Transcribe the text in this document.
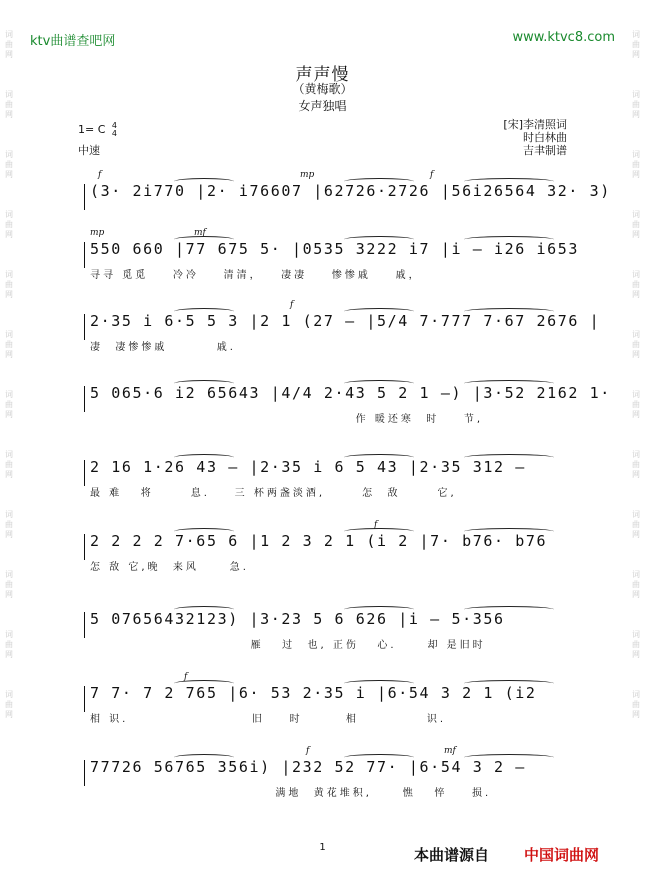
词
曲
网
词
曲
网
词
曲
网
词
曲
网
词
曲
网
词
曲
网
词
曲
网
词
曲
网
词
曲
网
词
曲
网
词
曲
网
词
曲
网
词
曲
网
词
曲
网
词
曲
网
词
曲
网
词
曲
网
词
曲
网
词
曲
网
词
曲
网
词
曲
网
词
曲
网
词
曲
网
词
曲
网
ktv曲谱查吧网	www.ktvc8.com
声声慢
（黄梅歌）
女声独唱
1= C 4
4
中速
[宋]李清照词
时白林曲
吉聿制谱
(3· 2i770 |2· i76607 |62726·2726 |56i26564 32· 3)
f	mp	f
550 660 |77 675 5· |0535 3222 i7 |i — i26 i653
寻寻 觅觅    冷冷    清清，   凄凄    惨惨戚    戚，
mp	mf
2·35 i 6·5 5 3 |2 1 (27 — |5/4 7·777 7·67 2676 |
凄  凄惨惨戚        戚.
f
5 065·6 i2 65643 |4/4 2·43 5 2 1 —) |3·52 2162 1·
作 暖还寒  时    节,
2 16 1·26 43 — |2·35 i 6 5 43 |2·35 312 —
最 难   将      息.    三 杯两盏淡酒,      怎  敌      它,
2 2 2 2 7·65 6 |1 2 3 2 1 (i 2 |7· b76· b76
怎 敌 它,晚  来风     急.
f
5 07656432123) |3·23 5 6 626 |i — 5·356
雁   过  也, 正伤   心.     却 是旧时
7 7· 7 2 765 |6· 53 2·35 i |6·54 3 2 1 (i2
相 识.                    旧    时       相           识.
f
77726 56765 356i) |232 52 77· |6·54 3 2 —
满地  黄花堆积,     憔   悴    损.
f	mf
1	本曲谱源自 中国词曲网
